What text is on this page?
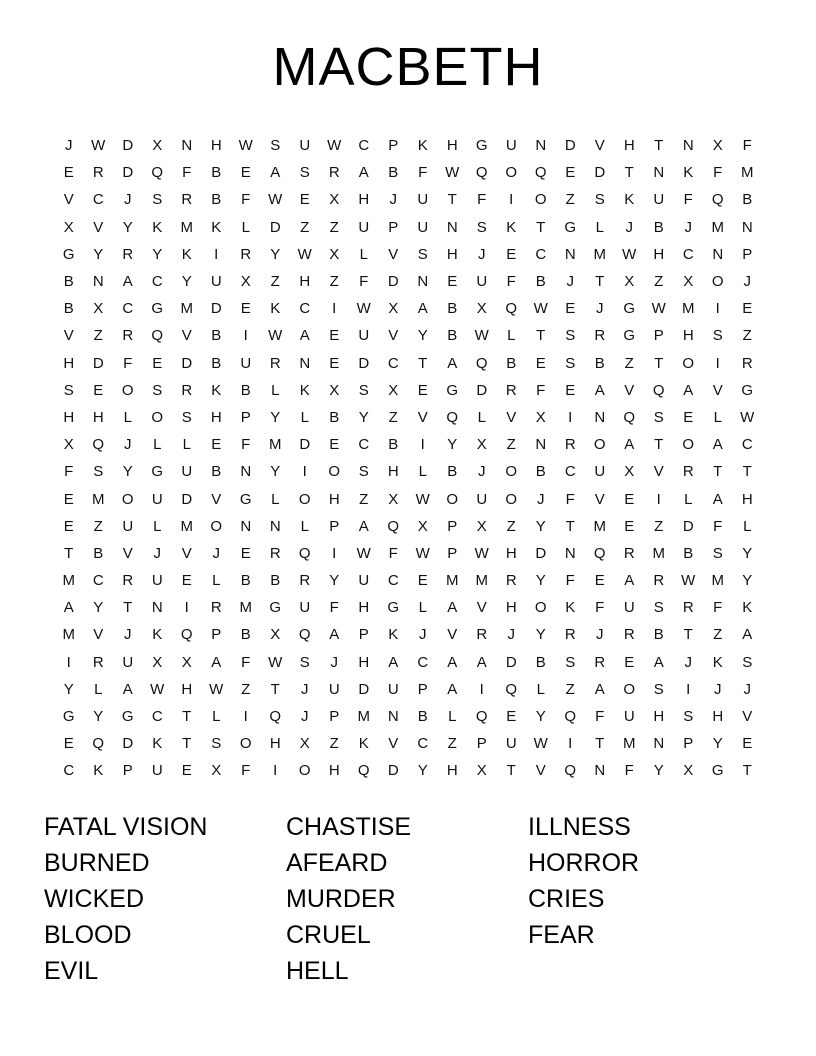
MACBETH
J	W	D	X	N	H	W	S	U	W	C	P	K	H	G	U	N	D	V	H	T	N	X	F
E	R	D	Q	F	B	E	A	S	R	A	B	F	W	Q	O	Q	E	D	T	N	K	F	M
V	C	J	S	R	B	F	W	E	X	H	J	U	T	F	I	O	Z	S	K	U	F	Q	B
X	V	Y	K	M	K	L	D	Z	Z	U	P	U	N	S	K	T	G	L	J	B	J	M	N
G	Y	R	Y	K	I	R	Y	W	X	L	V	S	H	J	E	C	N	M	W	H	C	N	P
B	N	A	C	Y	U	X	Z	H	Z	F	D	N	E	U	F	B	J	T	X	Z	X	O	J
B	X	C	G	M	D	E	K	C	I	W	X	A	B	X	Q	W	E	J	G	W	M	I	E
V	Z	R	Q	V	B	I	W	A	E	U	V	Y	B	W	L	T	S	R	G	P	H	S	Z
H	D	F	E	D	B	U	R	N	E	D	C	T	A	Q	B	E	S	B	Z	T	O	I	R
S	E	O	S	R	K	B	L	K	X	S	X	E	G	D	R	F	E	A	V	Q	A	V	G
H	H	L	O	S	H	P	Y	L	B	Y	Z	V	Q	L	V	X	I	N	Q	S	E	L	W
X	Q	J	L	L	E	F	M	D	E	C	B	I	Y	X	Z	N	R	O	A	T	O	A	C
F	S	Y	G	U	B	N	Y	I	O	S	H	L	B	J	O	B	C	U	X	V	R	T	T
E	M	O	U	D	V	G	L	O	H	Z	X	W	O	U	O	J	F	V	E	I	L	A	H
E	Z	U	L	M	O	N	N	L	P	A	Q	X	P	X	Z	Y	T	M	E	Z	D	F	L
T	B	V	J	V	J	E	R	Q	I	W	F	W	P	W	H	D	N	Q	R	M	B	S	Y
M	C	R	U	E	L	B	B	R	Y	U	C	E	M	M	R	Y	F	E	A	R	W	M	Y
A	Y	T	N	I	R	M	G	U	F	H	G	L	A	V	H	O	K	F	U	S	R	F	K
M	V	J	K	Q	P	B	X	Q	A	P	K	J	V	R	J	Y	R	J	R	B	T	Z	A
I	R	U	X	X	A	F	W	S	J	H	A	C	A	A	D	B	S	R	E	A	J	K	S
Y	L	A	W	H	W	Z	T	J	U	D	U	P	A	I	Q	L	Z	A	O	S	I	J	J
G	Y	G	C	T	L	I	Q	J	P	M	N	B	L	Q	E	Y	Q	F	U	H	S	H	V
E	Q	D	K	T	S	O	H	X	Z	K	V	C	Z	P	U	W	I	T	M	N	P	Y	E
C	K	P	U	E	X	F	I	O	H	Q	D	Y	H	X	T	V	Q	N	F	Y	X	G	T
FATAL VISION
BURNED
WICKED
BLOOD
EVIL
CHASTISE
AFEARD
MURDER
CRUEL
HELL
ILLNESS
HORROR
CRIES
FEAR
